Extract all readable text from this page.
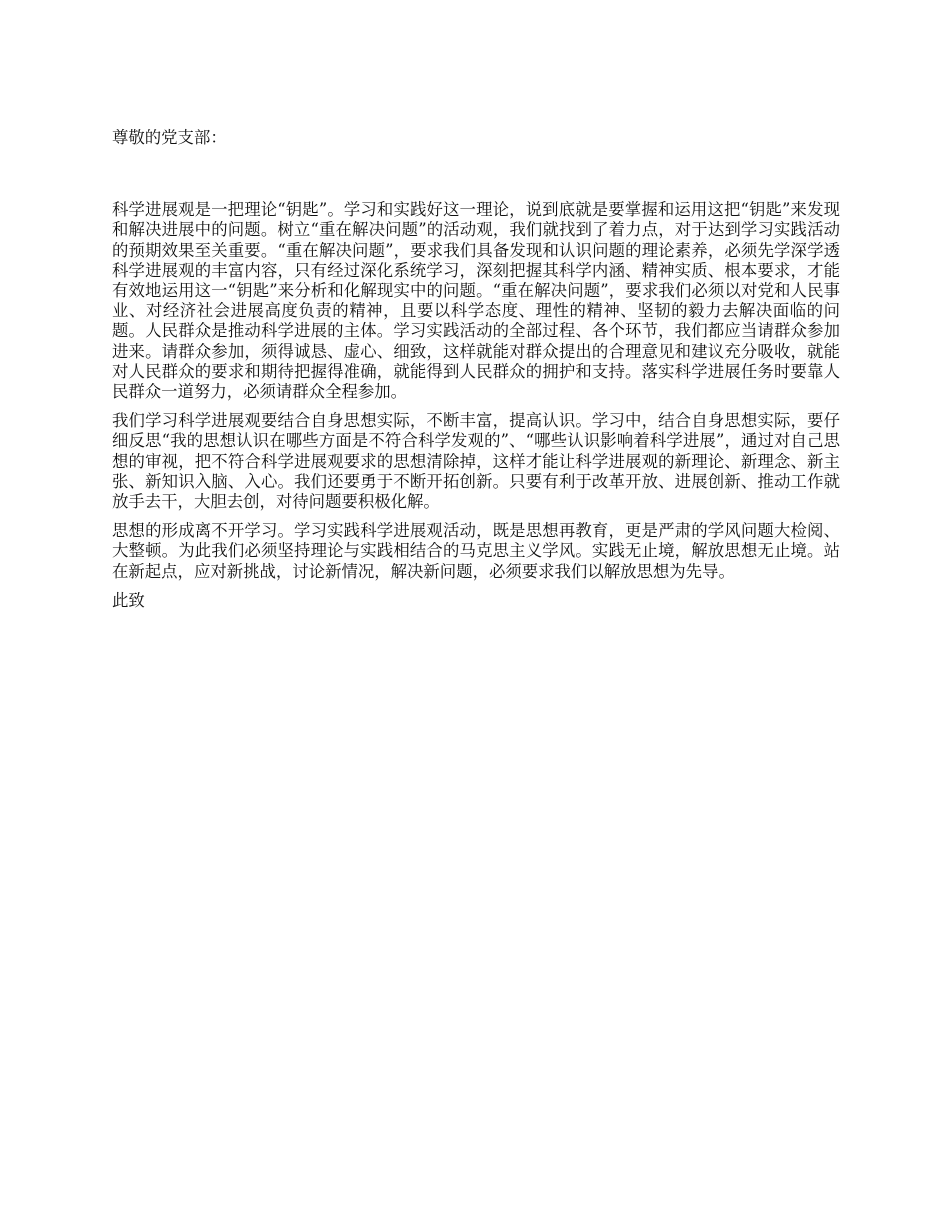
尊敬的党支部：

科学进展观是一把理论“钥匙”。学习和实践好这一理论，说到底就是要掌握和运用这把“钥匙”来发现和解决进展中的问题。树立“重在解决问题”的活动观，我们就找到了着力点，对于达到学习实践活动的预期效果至关重要。“重在解决问题”，要求我们具备发现和认识问题的理论素养，必须先学深学透科学进展观的丰富内容，只有经过深化系统学习，深刻把握其科学内涵、精神实质、根本要求，才能有效地运用这一“钥匙”来分析和化解现实中的问题。“重在解决问题”，要求我们必须以对党和人民事业、对经济社会进展高度负责的精神，且要以科学态度、理性的精神、坚韧的毅力去解决面临的问题。人民群众是推动科学进展的主体。学习实践活动的全部过程、各个环节，我们都应当请群众参加进来。请群众参加，须得诚恳、虚心、细致，这样就能对群众提出的合理意见和建议充分吸收，就能对人民群众的要求和期待把握得准确，就能得到人民群众的拥护和支持。落实科学进展任务时要靠人民群众一道努力，必须请群众全程参加。

我们学习科学进展观要结合自身思想实际，不断丰富，提高认识。学习中，结合自身思想实际，要仔细反思“我的思想认识在哪些方面是不符合科学发观的”、“哪些认识影响着科学进展”，通过对自己思想的审视，把不符合科学进展观要求的思想清除掉，这样才能让科学进展观的新理论、新理念、新主张、新知识入脑、入心。我们还要勇于不断开拓创新。只要有利于改革开放、进展创新、推动工作就放手去干，大胆去创，对待问题要积极化解。

思想的形成离不开学习。学习实践科学进展观活动，既是思想再教育，更是严肃的学风问题大检阅、大整顿。为此我们必须坚持理论与实践相结合的马克思主义学风。实践无止境，解放思想无止境。站在新起点，应对新挑战，讨论新情况，解决新问题，必须要求我们以解放思想为先导。

此致
